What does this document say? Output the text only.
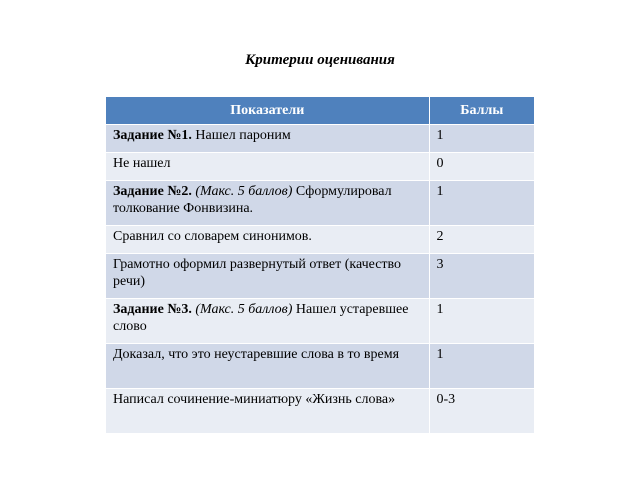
Критерии оценивания
Показатели	Баллы
Задание №1. Нашел пароним	1
Не нашел	0
Задание №2. (Макс. 5 баллов) Сформулировал толкование Фонвизина.	1
Сравнил со словарем синонимов.	2
Грамотно оформил развернутый ответ (качество речи)	3
Задание №3. (Макс. 5 баллов) Нашел устаревшее слово	1
Доказал, что это неустаревшие слова в то время	1
Написал сочинение-миниатюру «Жизнь слова»	0-3
